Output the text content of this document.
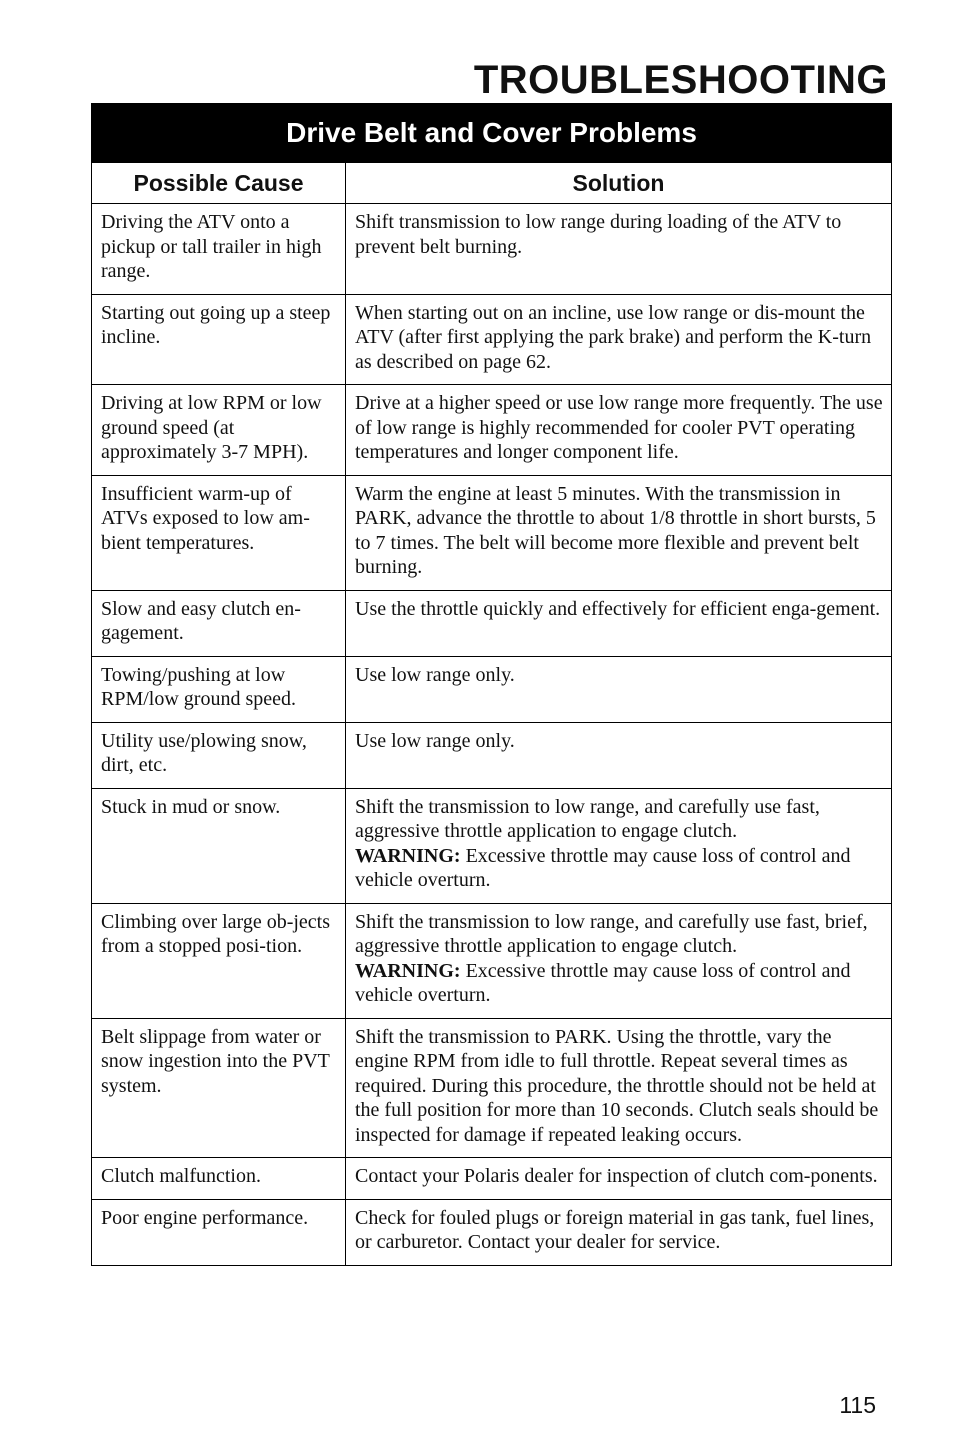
TROUBLESHOOTING
Drive Belt and Cover Problems	
Possible Cause	Solution
Driving the ATV onto a pickup or tall trailer in high range.	Shift transmission to low range during loading of the ATV to prevent belt burning.
Starting out going up a steep incline.	When starting out on an incline, use low range or dis-mount the ATV (after first applying the park brake) and perform the K-turn as described on page 62.
Driving at low RPM or low ground speed (at approximately 3-7 MPH).	Drive at a higher speed or use low range more frequently. The use of low range is highly recommended for cooler PVT operating temperatures and longer component life.
Insufficient warm-up of ATVs exposed to low am-bient temperatures.	Warm the engine at least 5 minutes. With the transmission in PARK, advance the throttle to about 1/8 throttle in short bursts, 5 to 7 times. The belt will become more flexible and prevent belt burning.
Slow and easy clutch en-gagement.	Use the throttle quickly and effectively for efficient enga-gement.
Towing/pushing at low RPM/low ground speed.	Use low range only.
Utility use/plowing snow, dirt, etc.	Use low range only.
Stuck in mud or snow.	Shift the transmission to low range, and carefully use fast, aggressive throttle application to engage clutch.
WARNING: Excessive throttle may cause loss of control and vehicle overturn.
Climbing over large ob-jects from a stopped posi-tion.	Shift the transmission to low range, and carefully use fast, brief, aggressive throttle application to engage clutch.
WARNING: Excessive throttle may cause loss of control and vehicle overturn.
Belt slippage from water or snow ingestion into the PVT system.	Shift the transmission to PARK. Using the throttle, vary the engine RPM from idle to full throttle. Repeat several times as required. During this procedure, the throttle should not be held at the full position for more than 10 seconds. Clutch seals should be inspected for damage if repeated leaking occurs.
Clutch malfunction.	Contact your Polaris dealer for inspection of clutch com-ponents.
Poor engine performance.	Check for fouled plugs or foreign material in gas tank, fuel lines, or carburetor. Contact your dealer for service.
115
